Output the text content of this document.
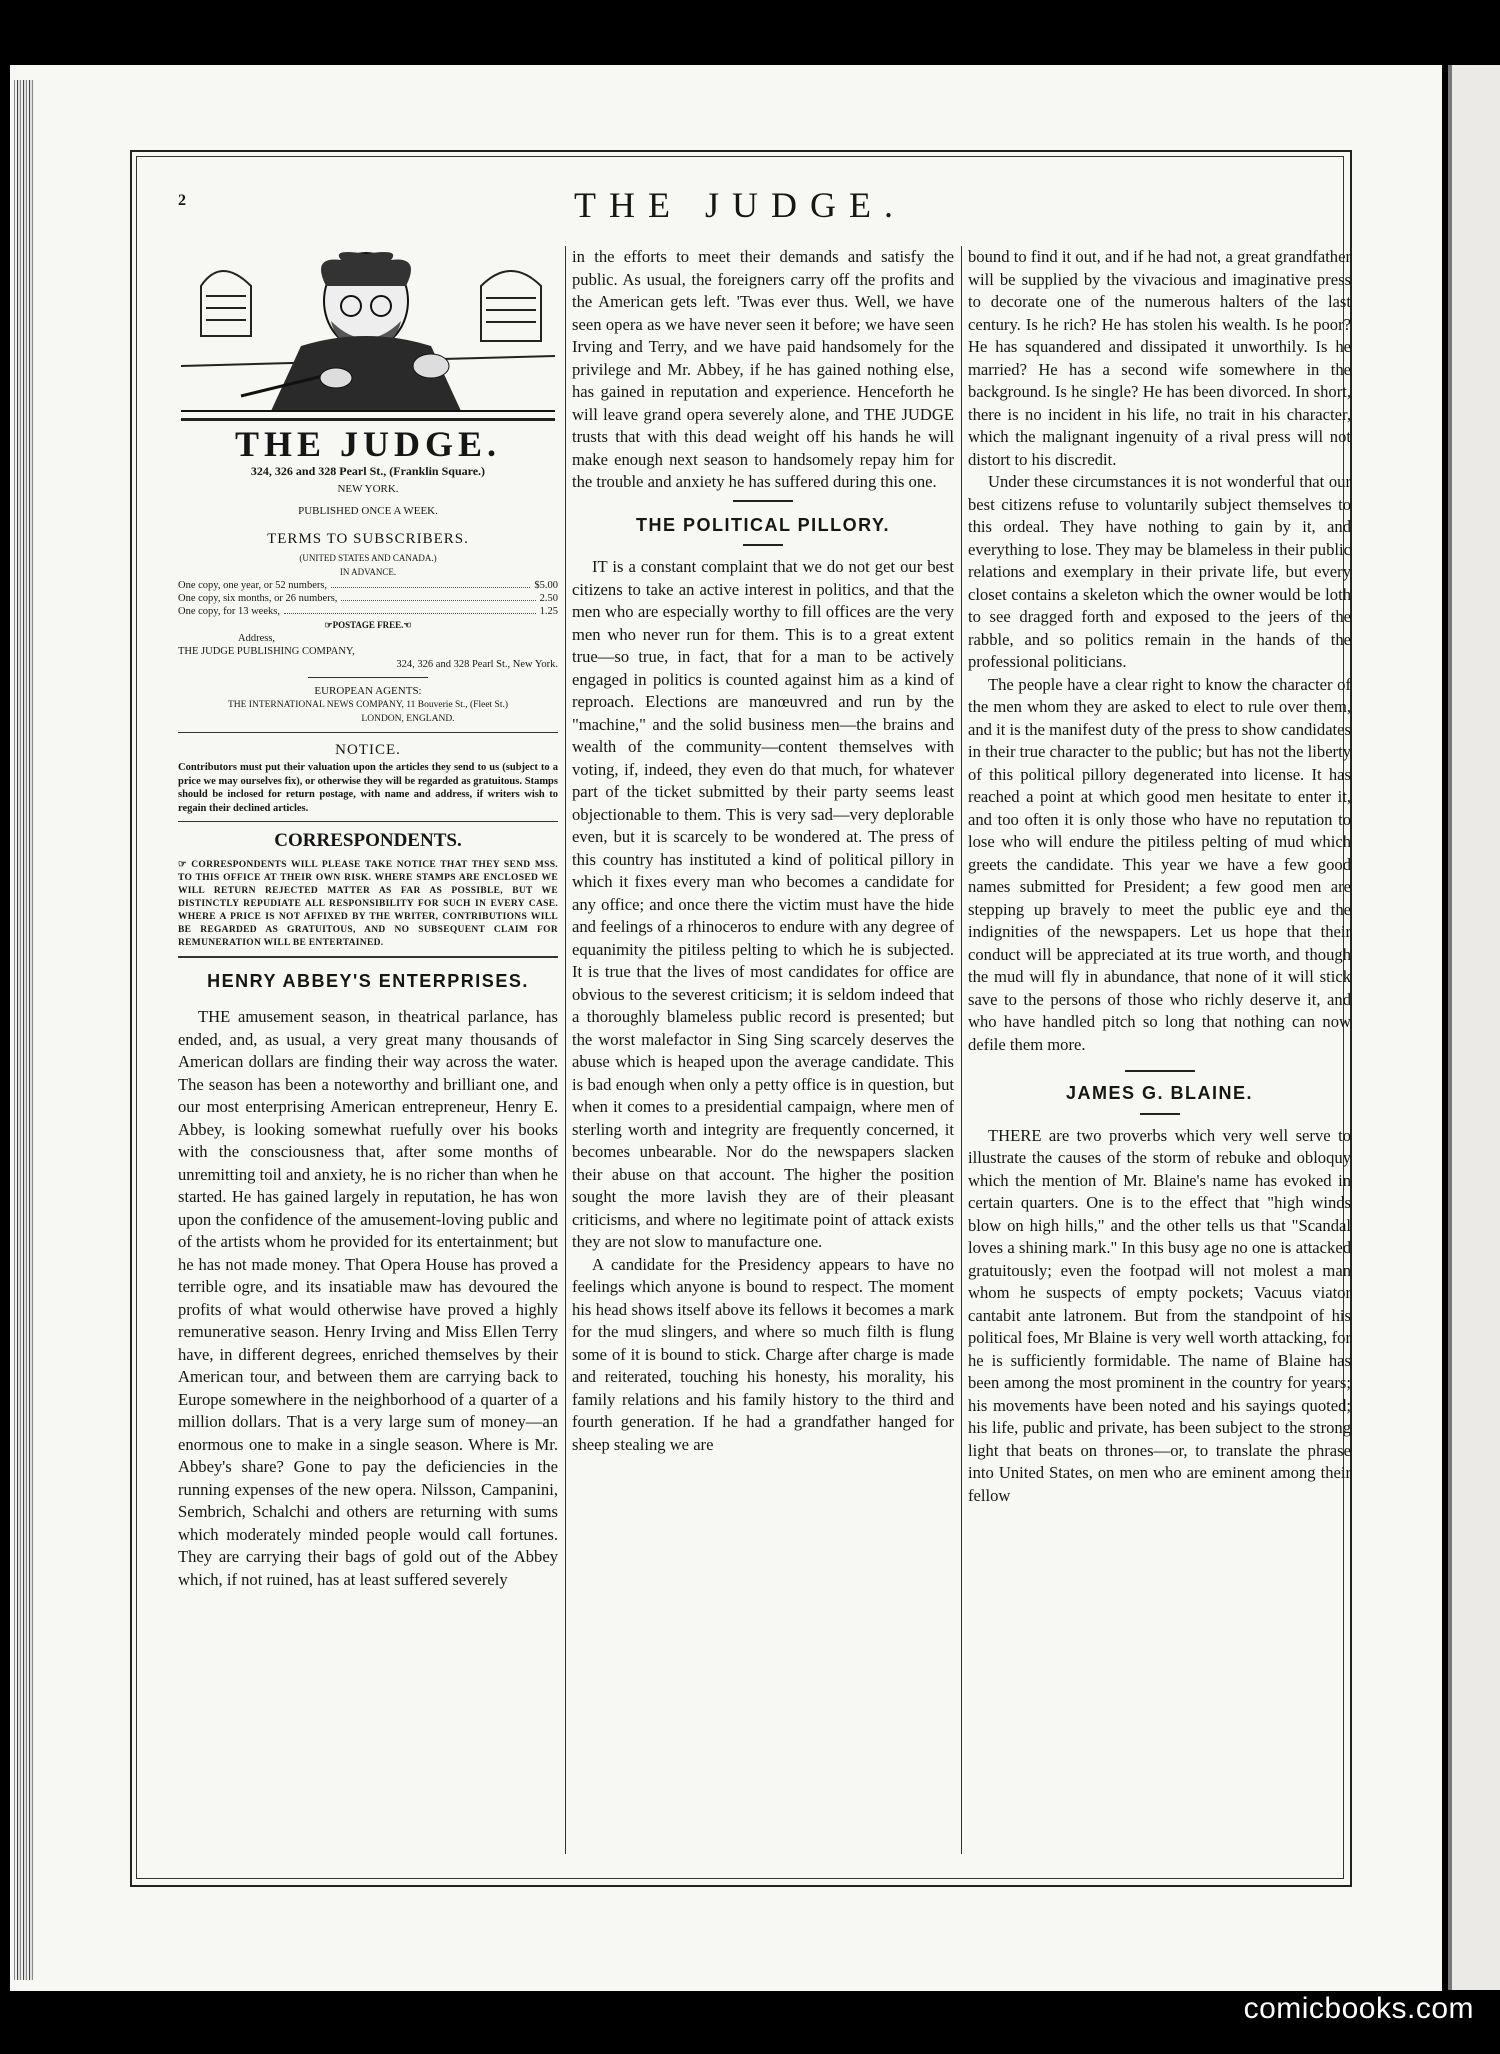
2	THE JUDGE.
THE JUDGE.
324, 326 and 328 Pearl St., (Franklin Square.)
NEW YORK.
PUBLISHED ONCE A WEEK.
TERMS TO SUBSCRIBERS.
(UNITED STATES AND CANADA.)
IN ADVANCE.
One copy, one year, or 52 numbers,	$5.00
One copy, six months, or 26 numbers,	2.50
One copy, for 13 weeks,	1.25
☞POSTAGE FREE.☜
Address,
THE JUDGE PUBLISHING COMPANY,
324, 326 and 328 Pearl St., New York.
EUROPEAN AGENTS:
THE INTERNATIONAL NEWS COMPANY, 11 Bouverie St., (Fleet St.)
LONDON, ENGLAND.
NOTICE.
Contributors must put their valuation upon the articles they send to us (subject to a price we may ourselves fix), or otherwise they will be regarded as gratuitous. Stamps should be inclosed for return postage, with name and address, if writers wish to regain their declined articles.
CORRESPONDENTS.
☞ CORRESPONDENTS WILL PLEASE TAKE NOTICE THAT THEY SEND MSS. TO THIS OFFICE AT THEIR OWN RISK. WHERE STAMPS ARE ENCLOSED WE WILL RETURN REJECTED MATTER AS FAR AS POSSIBLE, BUT WE DISTINCTLY REPUDIATE ALL RESPONSIBILITY FOR SUCH IN EVERY CASE. WHERE A PRICE IS NOT AFFIXED BY THE WRITER, CONTRIBUTIONS WILL BE REGARDED AS GRATUITOUS, AND NO SUBSEQUENT CLAIM FOR REMUNERATION WILL BE ENTERTAINED.
HENRY ABBEY'S ENTERPRISES.

THE amusement season, in theatrical parlance, has ended, and, as usual, a very great many thousands of American dollars are finding their way across the water. The season has been a noteworthy and brilliant one, and our most enterprising American entrepreneur, Henry E. Abbey, is looking somewhat ruefully over his books with the consciousness that, after some months of unremitting toil and anxiety, he is no richer than when he started. He has gained largely in reputation, he has won upon the confidence of the amusement-loving public and of the artists whom he provided for its entertainment; but he has not made money. That Opera House has proved a terrible ogre, and its insatiable maw has devoured the profits of what would otherwise have proved a highly remunerative season. Henry Irving and Miss Ellen Terry have, in different degrees, enriched themselves by their American tour, and between them are carrying back to Europe somewhere in the neighborhood of a quarter of a million dollars. That is a very large sum of money—an enormous one to make in a single season. Where is Mr. Abbey's share? Gone to pay the deficiencies in the running expenses of the new opera. Nilsson, Campanini, Sembrich, Schalchi and others are returning with sums which moderately minded people would call fortunes. They are carrying their bags of gold out of the Abbey which, if not ruined, has at least suffered severely

in the efforts to meet their demands and satisfy the public. As usual, the foreigners carry off the profits and the American gets left. 'Twas ever thus. Well, we have seen opera as we have never seen it before; we have seen Irving and Terry, and we have paid handsomely for the privilege and Mr. Abbey, if he has gained nothing else, has gained in reputation and experience. Henceforth he will leave grand opera severely alone, and THE JUDGE trusts that with this dead weight off his hands he will make enough next season to handsomely repay him for the trouble and anxiety he has suffered during this one.

THE POLITICAL PILLORY.

IT is a constant complaint that we do not get our best citizens to take an active interest in politics, and that the men who are especially worthy to fill offices are the very men who never run for them. This is to a great extent true—so true, in fact, that for a man to be actively engaged in politics is counted against him as a kind of reproach. Elections are manœuvred and run by the "machine," and the solid business men—the brains and wealth of the community—content themselves with voting, if, indeed, they even do that much, for whatever part of the ticket submitted by their party seems least objectionable to them. This is very sad—very deplorable even, but it is scarcely to be wondered at. The press of this country has instituted a kind of political pillory in which it fixes every man who becomes a candidate for any office; and once there the victim must have the hide and feelings of a rhinoceros to endure with any degree of equanimity the pitiless pelting to which he is subjected. It is true that the lives of most candidates for office are obvious to the severest criticism; it is seldom indeed that a thoroughly blameless public record is presented; but the worst malefactor in Sing Sing scarcely deserves the abuse which is heaped upon the average candidate. This is bad enough when only a petty office is in question, but when it comes to a presidential campaign, where men of sterling worth and integrity are frequently concerned, it becomes unbearable. Nor do the newspapers slacken their abuse on that account. The higher the position sought the more lavish they are of their pleasant criticisms, and where no legitimate point of attack exists they are not slow to manufacture one.

A candidate for the Presidency appears to have no feelings which anyone is bound to respect. The moment his head shows itself above its fellows it becomes a mark for the mud slingers, and where so much filth is flung some of it is bound to stick. Charge after charge is made and reiterated, touching his honesty, his morality, his family relations and his family history to the third and fourth generation. If he had a grandfather hanged for sheep stealing we are

bound to find it out, and if he had not, a great grandfather will be supplied by the vivacious and imaginative press to decorate one of the numerous halters of the last century. Is he rich? He has stolen his wealth. Is he poor? He has squandered and dissipated it unworthily. Is he married? He has a second wife somewhere in the background. Is he single? He has been divorced. In short, there is no incident in his life, no trait in his character, which the malignant ingenuity of a rival press will not distort to his discredit.

Under these circumstances it is not wonderful that our best citizens refuse to voluntarily subject themselves to this ordeal. They have nothing to gain by it, and everything to lose. They may be blameless in their public relations and exemplary in their private life, but every closet contains a skeleton which the owner would be loth to see dragged forth and exposed to the jeers of the rabble, and so politics remain in the hands of the professional politicians.

The people have a clear right to know the character of the men whom they are asked to elect to rule over them, and it is the manifest duty of the press to show candidates in their true character to the public; but has not the liberty of this political pillory degenerated into license. It has reached a point at which good men hesitate to enter it, and too often it is only those who have no reputation to lose who will endure the pitiless pelting of mud which greets the candidate. This year we have a few good names submitted for President; a few good men are stepping up bravely to meet the public eye and the indignities of the newspapers. Let us hope that their conduct will be appreciated at its true worth, and though the mud will fly in abundance, that none of it will stick save to the persons of those who richly deserve it, and who have handled pitch so long that nothing can now defile them more.

JAMES G. BLAINE.

THERE are two proverbs which very well serve to illustrate the causes of the storm of rebuke and obloquy which the mention of Mr. Blaine's name has evoked in certain quarters. One is to the effect that "high winds blow on high hills," and the other tells us that "Scandal loves a shining mark." In this busy age no one is attacked gratuitously; even the footpad will not molest a man whom he suspects of empty pockets; Vacuus viator cantabit ante latronem. But from the standpoint of his political foes, Mr Blaine is very well worth attacking, for he is sufficiently formidable. The name of Blaine has been among the most prominent in the country for years; his movements have been noted and his sayings quoted; his life, public and private, has been subject to the strong light that beats on thrones—or, to translate the phrase into United States, on men who are eminent among their fellow

comicbooks.com
